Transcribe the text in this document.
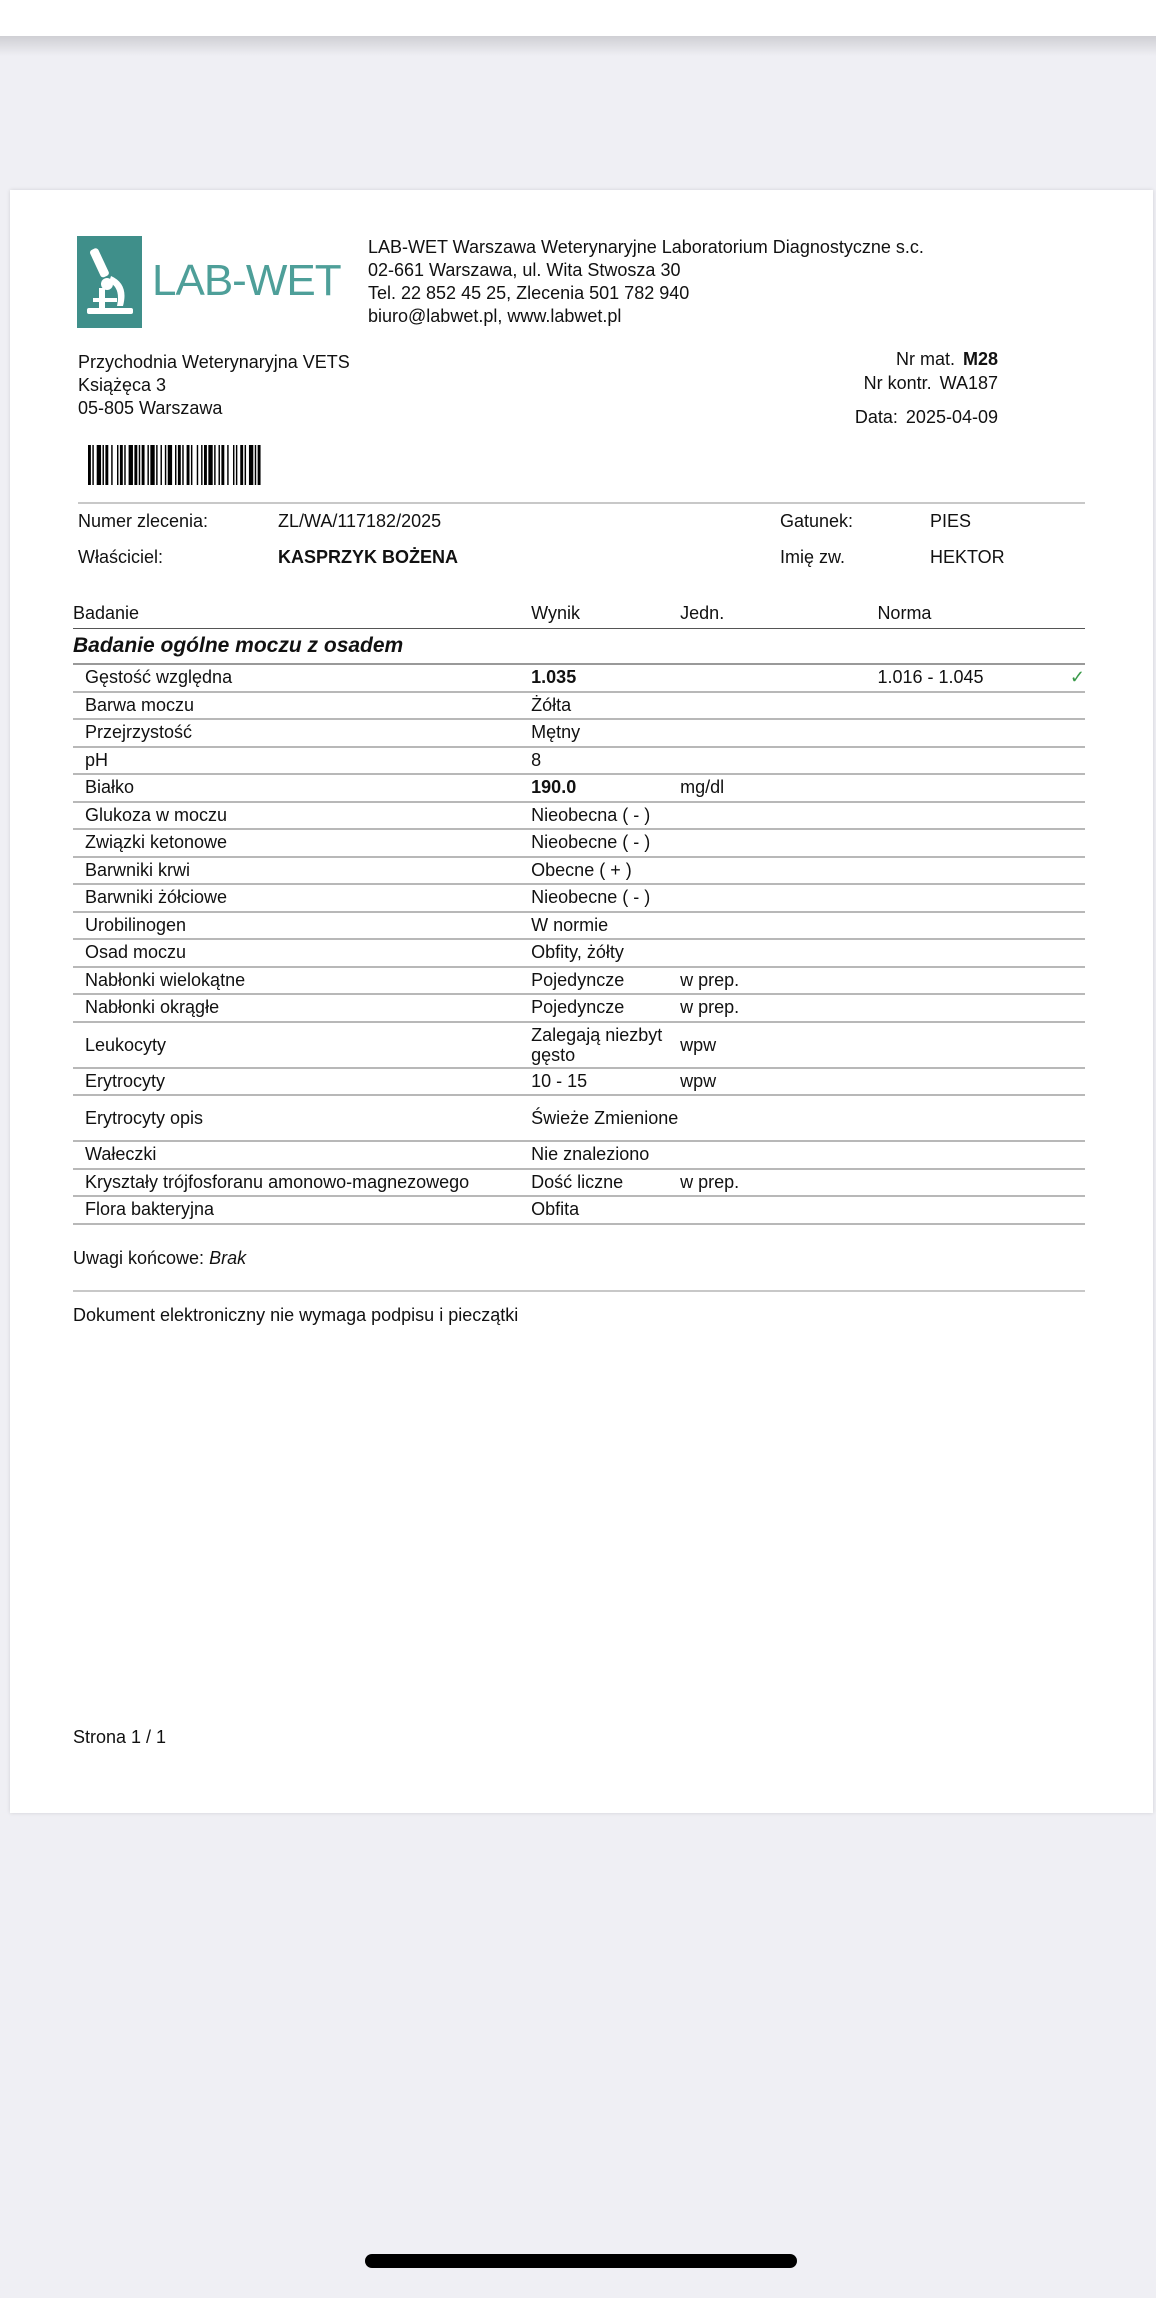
LAB-WET
LAB-WET Warszawa Weterynaryjne Laboratorium Diagnostyczne s.c.
02-661 Warszawa, ul. Wita Stwosza 30
Tel. 22 852 45 25, Zlecenia 501 782 940
biuro@labwet.pl, www.labwet.pl
Przychodnia Weterynaryjna VETS
Książęca 3
05-805 Warszawa
Nr mat. M28
Nr kontr. WA187
Data: 2025-04-09
Numer zlecenia:	ZL/WA/117182/2025	Gatunek:	PIES
Właściciel:	KASPRZYK BOŻENA	Imię zw.	HEKTOR
Badanie	Wynik	Jedn.	Norma	
Badanie ogólne moczu z osadem				
Gęstość względna	1.035		1.016 - 1.045	✓
Barwa moczu	Żółta			
Przejrzystość	Mętny			
pH	8			
Białko	190.0	mg/dl		
Glukoza w moczu	Nieobecna ( - )			
Związki ketonowe	Nieobecne ( - )			
Barwniki krwi	Obecne ( + )			
Barwniki żółciowe	Nieobecne ( - )			
Urobilinogen	W normie			
Osad moczu	Obfity, żółty			
Nabłonki wielokątne	Pojedyncze	w prep.		
Nabłonki okrągłe	Pojedyncze	w prep.		
Leukocyty	Zalegają niezbyt gęsto	wpw		
Erytrocyty	10 - 15	wpw		
Erytrocyty opis	Świeże Zmienione			
Wałeczki	Nie znaleziono			
Kryształy trójfosforanu amonowo-magnezowego	Dość liczne	w prep.		
Flora bakteryjna	Obfita			
Uwagi końcowe: Brak
Dokument elektroniczny nie wymaga podpisu i pieczątki
Strona 1 / 1
